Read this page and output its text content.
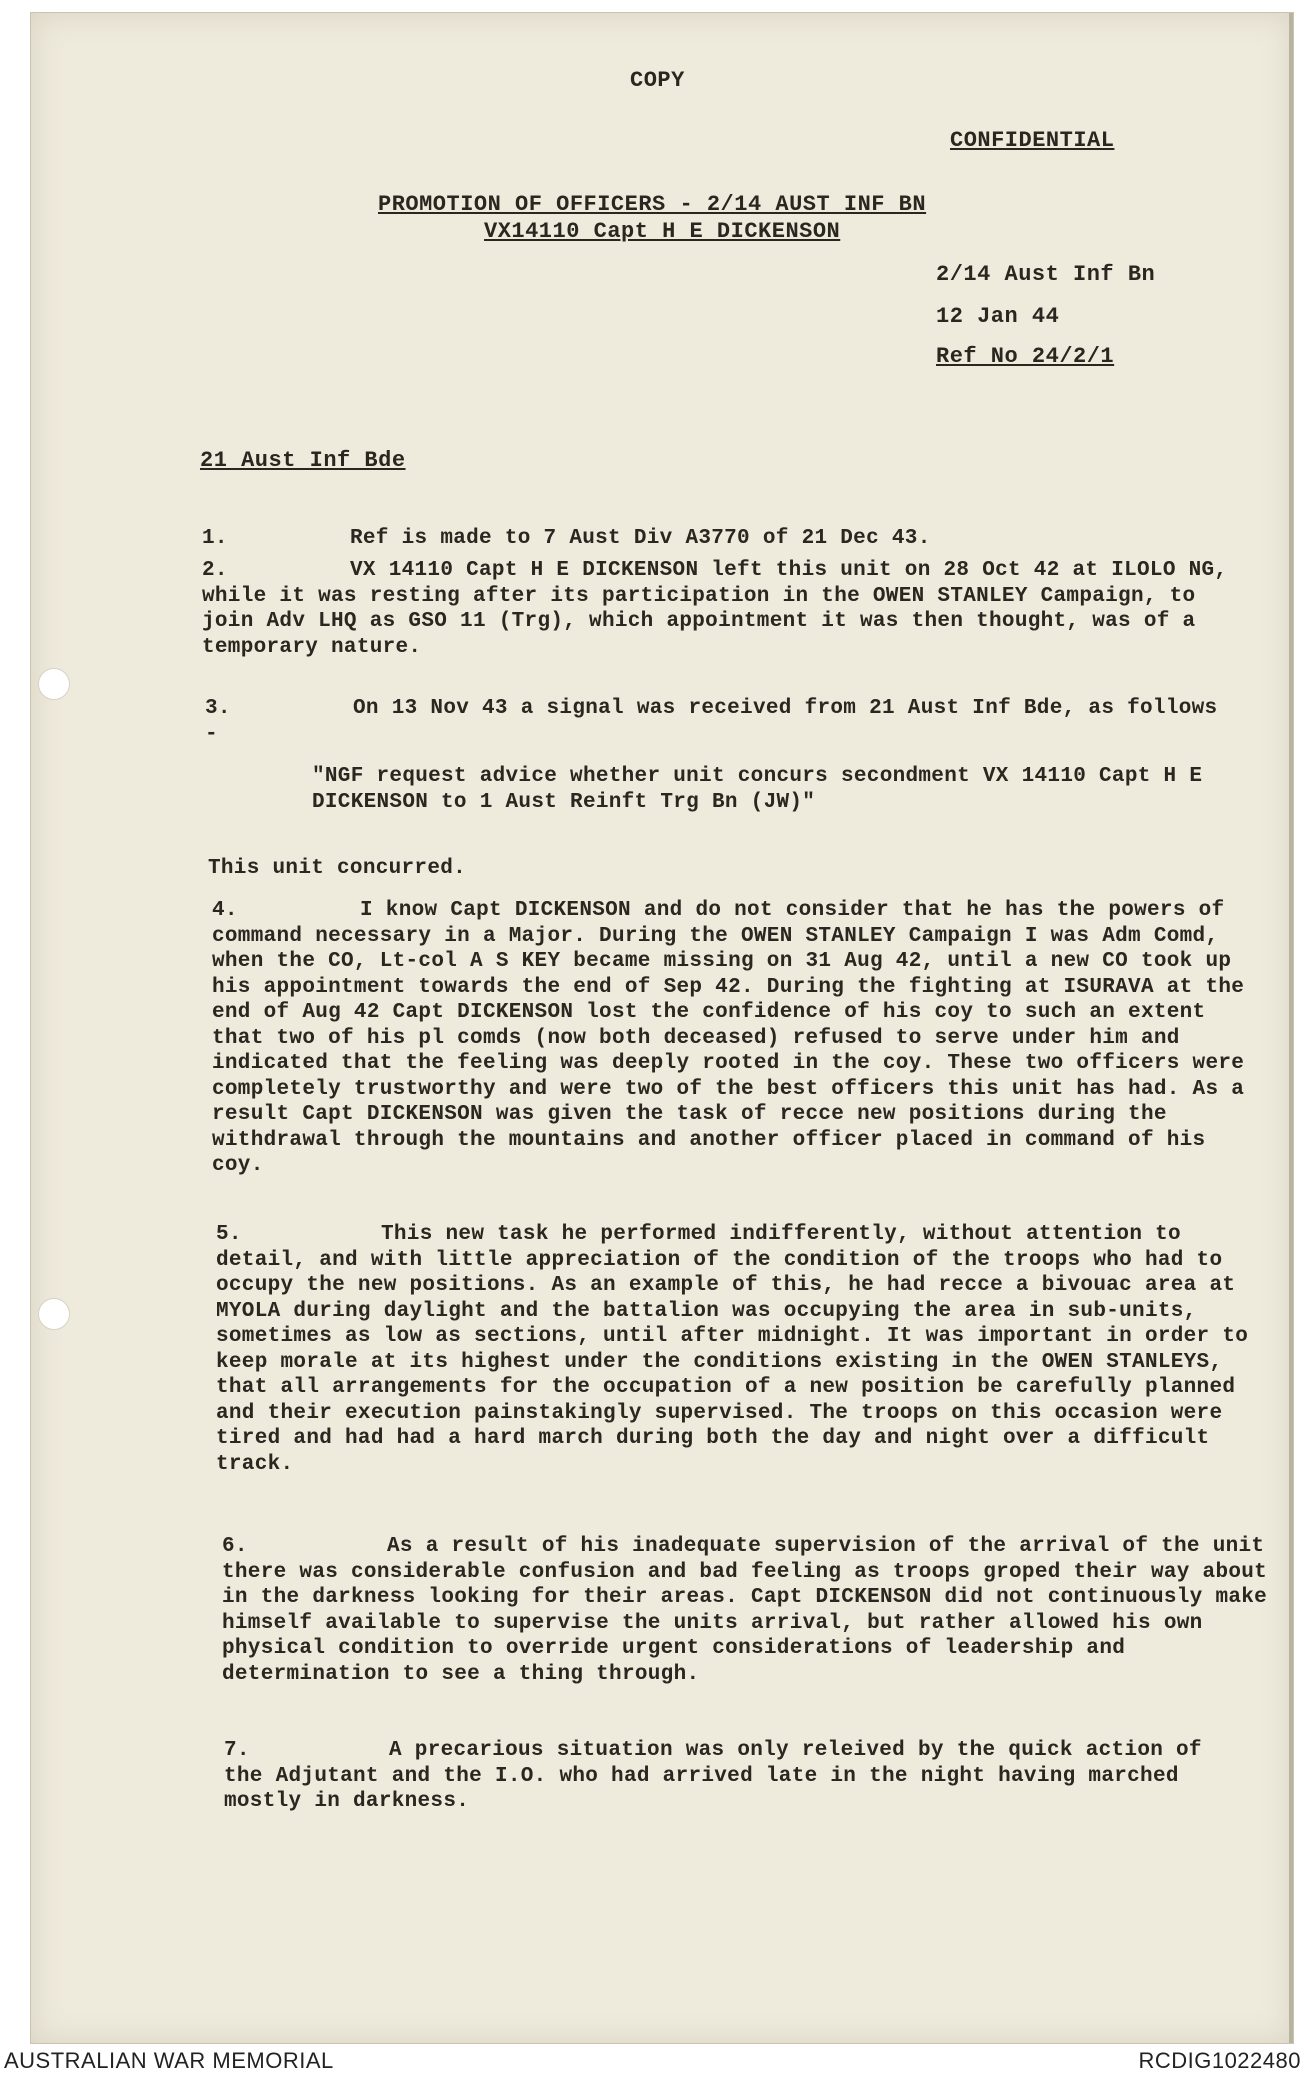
COPY
CONFIDENTIAL
PROMOTION OF OFFICERS - 2/14 AUST INF BN
VX14110 Capt H E DICKENSON
2/14 Aust Inf Bn
12 Jan 44
Ref No 24/2/1
21 Aust Inf Bde
1.	Ref is made to 7 Aust Div A3770 of 21 Dec 43.
2.	VX 14110 Capt H E DICKENSON left this unit on 28 Oct 42 at ILOLO NG, while it was resting after its participation in the OWEN STANLEY Campaign, to join Adv LHQ as GSO 11 (Trg), which appointment it was then thought, was of a temporary nature.
3.	On 13 Nov 43 a signal was received from 21 Aust Inf Bde, as follows -
"NGF request advice whether unit concurs secondment VX 14110 Capt H E DICKENSON to 1 Aust Reinft Trg Bn (JW)"
This unit concurred.
4.	I know Capt DICKENSON and do not consider that he has the powers of command necessary in a Major. During the OWEN STANLEY Campaign I was Adm Comd, when the CO, Lt-col A S KEY became missing on 31 Aug 42, until a new CO took up his appointment towards the end of Sep 42. During the fighting at ISURAVA at the end of Aug 42 Capt DICKENSON lost the confidence of his coy to such an extent that two of his pl comds (now both deceased) refused to serve under him and indicated that the feeling was deeply rooted in the coy. These two officers were completely trustworthy and were two of the best officers this unit has had. As a result Capt DICKENSON was given the task of recce new positions during the withdrawal through the mountains and another officer placed in command of his coy.
5.	This new task he performed indifferently, without attention to detail, and with little appreciation of the condition of the troops who had to occupy the new positions. As an example of this, he had recce a bivouac area at MYOLA during daylight and the battalion was occupying the area in sub-units, sometimes as low as sections, until after midnight. It was important in order to keep morale at its highest under the conditions existing in the OWEN STANLEYS, that all arrangements for the occupation of a new position be carefully planned and their execution painstakingly supervised. The troops on this occasion were tired and had had a hard march during both the day and night over a difficult track.
6.	As a result of his inadequate supervision of the arrival of the unit there was considerable confusion and bad feeling as troops groped their way about in the darkness looking for their areas. Capt DICKENSON did not continuously make himself available to supervise the units arrival, but rather allowed his own physical condition to override urgent considerations of leadership and determination to see a thing through.
7.	A precarious situation was only releived by the quick action of the Adjutant and the I.O. who had arrived late in the night having marched mostly in darkness.
AUSTRALIAN WAR MEMORIAL	RCDIG1022480
